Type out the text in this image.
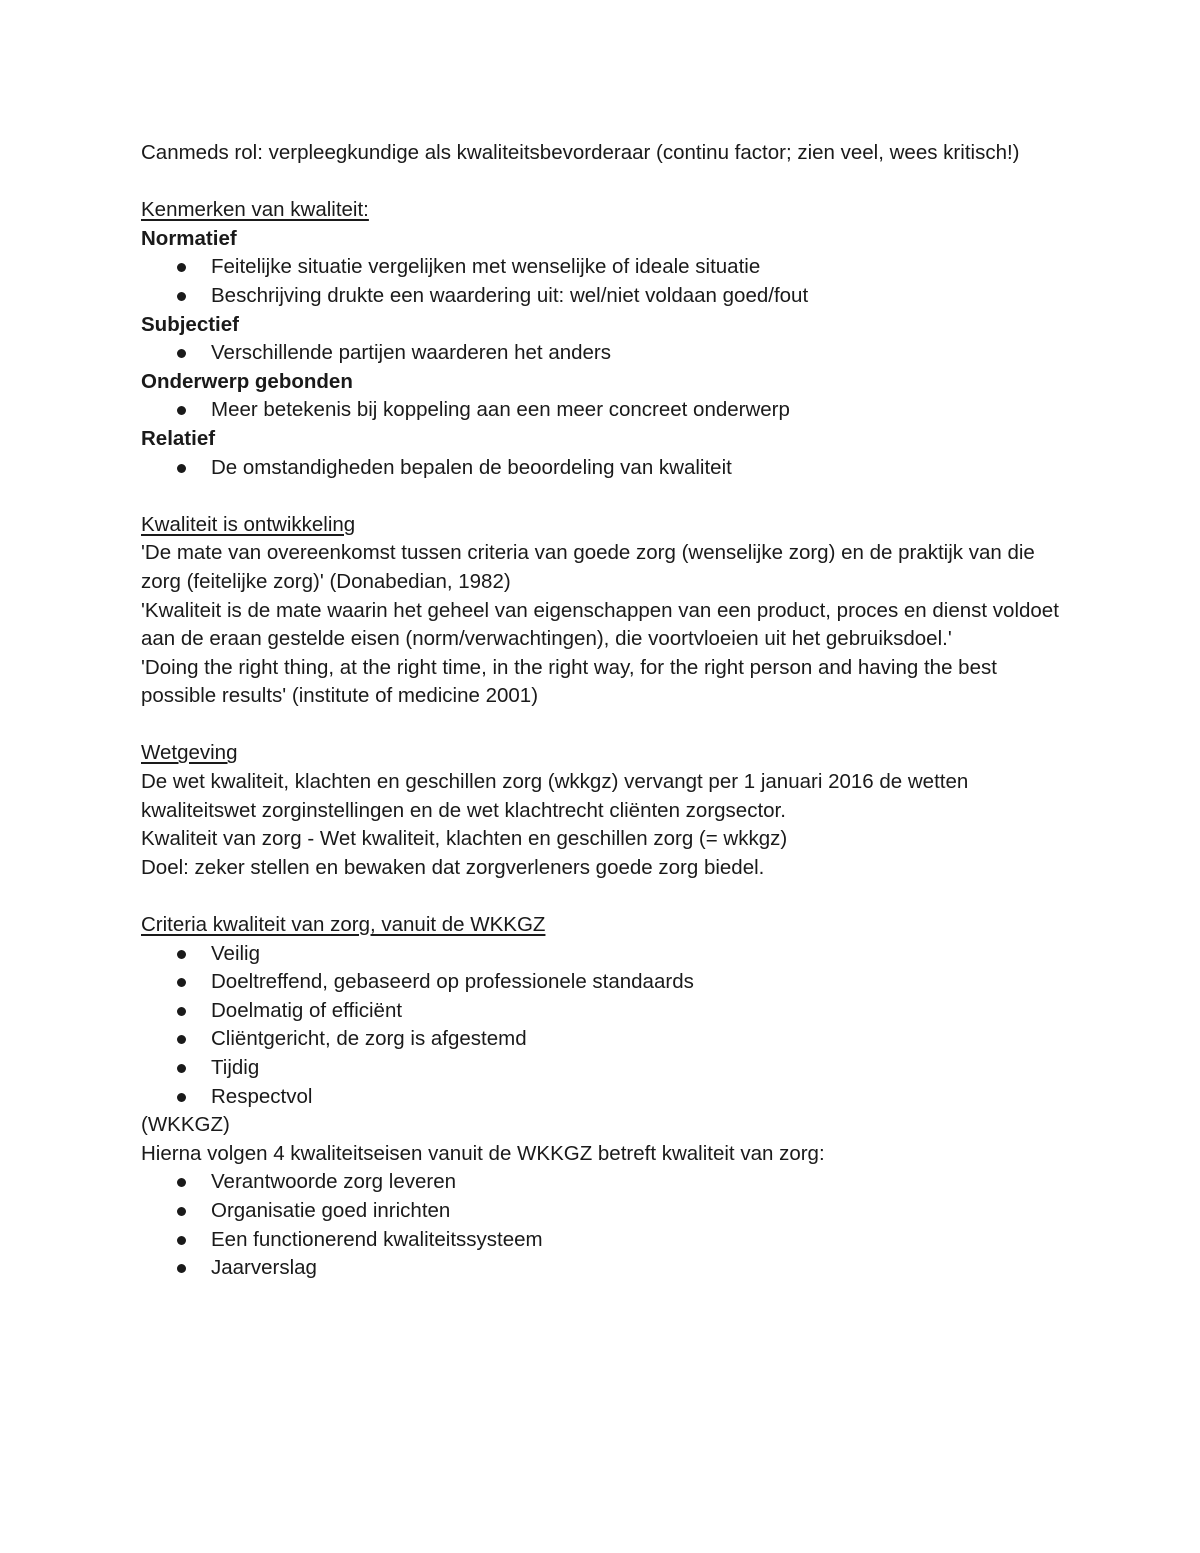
Canmeds rol: verpleegkundige als kwaliteitsbevorderaar (continu factor; zien veel, wees kritisch!)

Kenmerken van kwaliteit:

Normatief

Feitelijke situatie vergelijken met wenselijke of ideale situatie
Beschrijving drukte een waardering uit: wel/niet voldaan goed/fout

Subjectief

Verschillende partijen waarderen het anders

Onderwerp gebonden

Meer betekenis bij koppeling aan een meer concreet onderwerp

Relatief

De omstandigheden bepalen de beoordeling van kwaliteit

Kwaliteit is ontwikkeling

'De mate van overeenkomst tussen criteria van goede zorg (wenselijke zorg) en de praktijk van die zorg (feitelijke zorg)' (Donabedian, 1982)

'Kwaliteit is de mate waarin het geheel van eigenschappen van een product, proces en dienst voldoet aan de eraan gestelde eisen (norm/verwachtingen), die voortvloeien uit het gebruiksdoel.'

'Doing the right thing, at the right time, in the right way, for the right person and having the best possible results' (institute of medicine 2001)

Wetgeving

De wet kwaliteit, klachten en geschillen zorg (wkkgz) vervangt per 1 januari 2016 de wetten kwaliteitswet zorginstellingen en de wet klachtrecht cliënten zorgsector.

Kwaliteit van zorg - Wet kwaliteit, klachten en geschillen zorg (= wkkgz)

Doel: zeker stellen en bewaken dat zorgverleners goede zorg biedel.

Criteria kwaliteit van zorg, vanuit de WKKGZ

Veilig
Doeltreffend, gebaseerd op professionele standaards
Doelmatig of efficiënt
Cliëntgericht, de zorg is afgestemd
Tijdig
Respectvol

(WKKGZ)

Hierna volgen 4 kwaliteitseisen vanuit de WKKGZ betreft kwaliteit van zorg:

Verantwoorde zorg leveren
Organisatie goed inrichten
Een functionerend kwaliteitssysteem
Jaarverslag
